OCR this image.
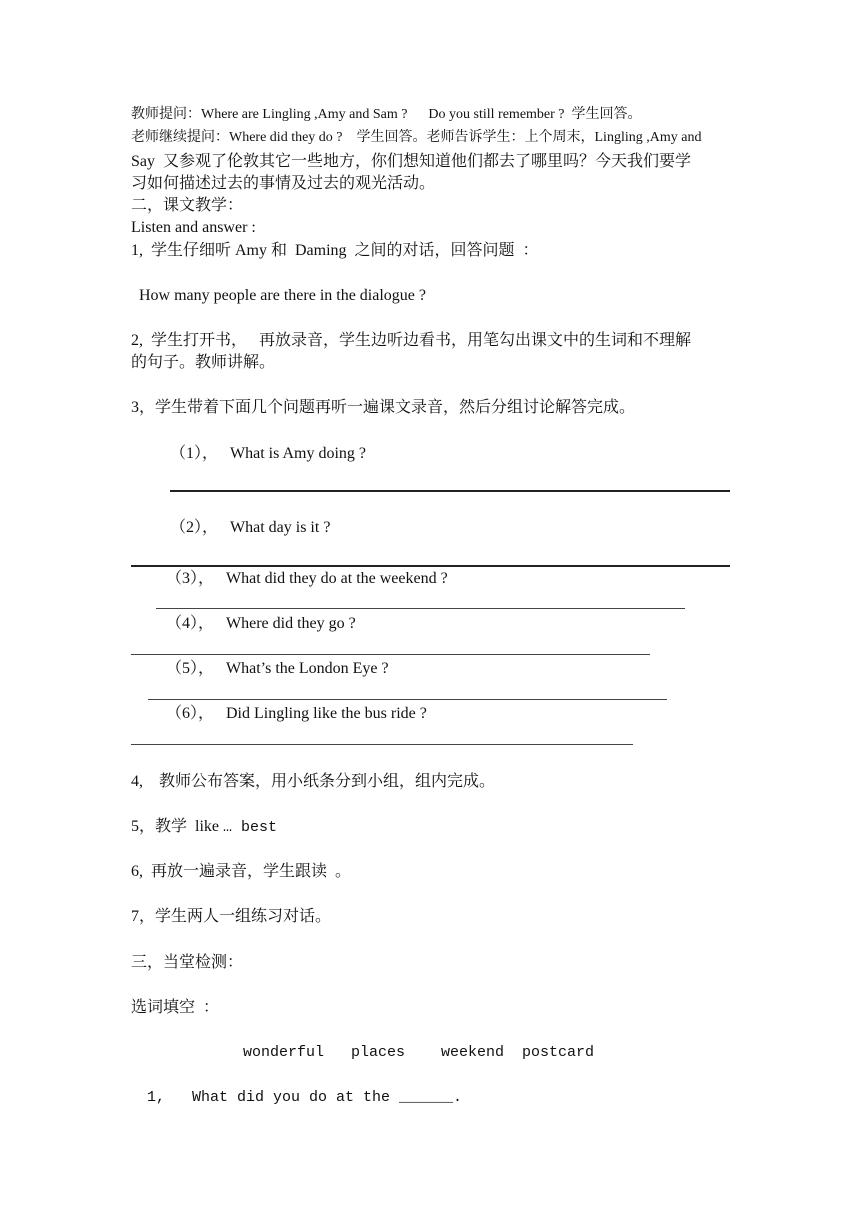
教师提问：Where are Lingling ,Amy and Sam ?      Do you still remember ?  学生回答。
老师继续提问：Where did they do ?    学生回答。老师告诉学生：上个周末，Lingling ,Amy and
Say  又参观了伦敦其它一些地方，你们想知道他们都去了哪里吗？今天我们要学
习如何描述过去的事情及过去的观光活动。
二，课文教学：
Listen and answer :
1,  学生仔细听 Amy 和  Daming  之间的对话，回答问题  ：
How many people are there in the dialogue ?
2,  学生打开书，   再放录音，学生边听边看书，用笔勾出课文中的生词和不理解
的句子。教师讲解。
3，学生带着下面几个问题再听一遍课文录音，然后分组讨论解答完成。
（1），   What is Amy doing ?
（2），   What day is it ?
（3），   What did they do at the weekend ?
（4），   Where did they go ?
（5），   What’s the London Eye ?
（6），   Did Lingling like the bus ride ?
4,    教师公布答案，用小纸条分到小组，组内完成。
5，教学  like … best
6,  再放一遍录音，学生跟读  。
7，学生两人一组练习对话。
三，当堂检测：
选词填空  ：
wonderful   places    weekend  postcard
1,   What did you do at the ______.
